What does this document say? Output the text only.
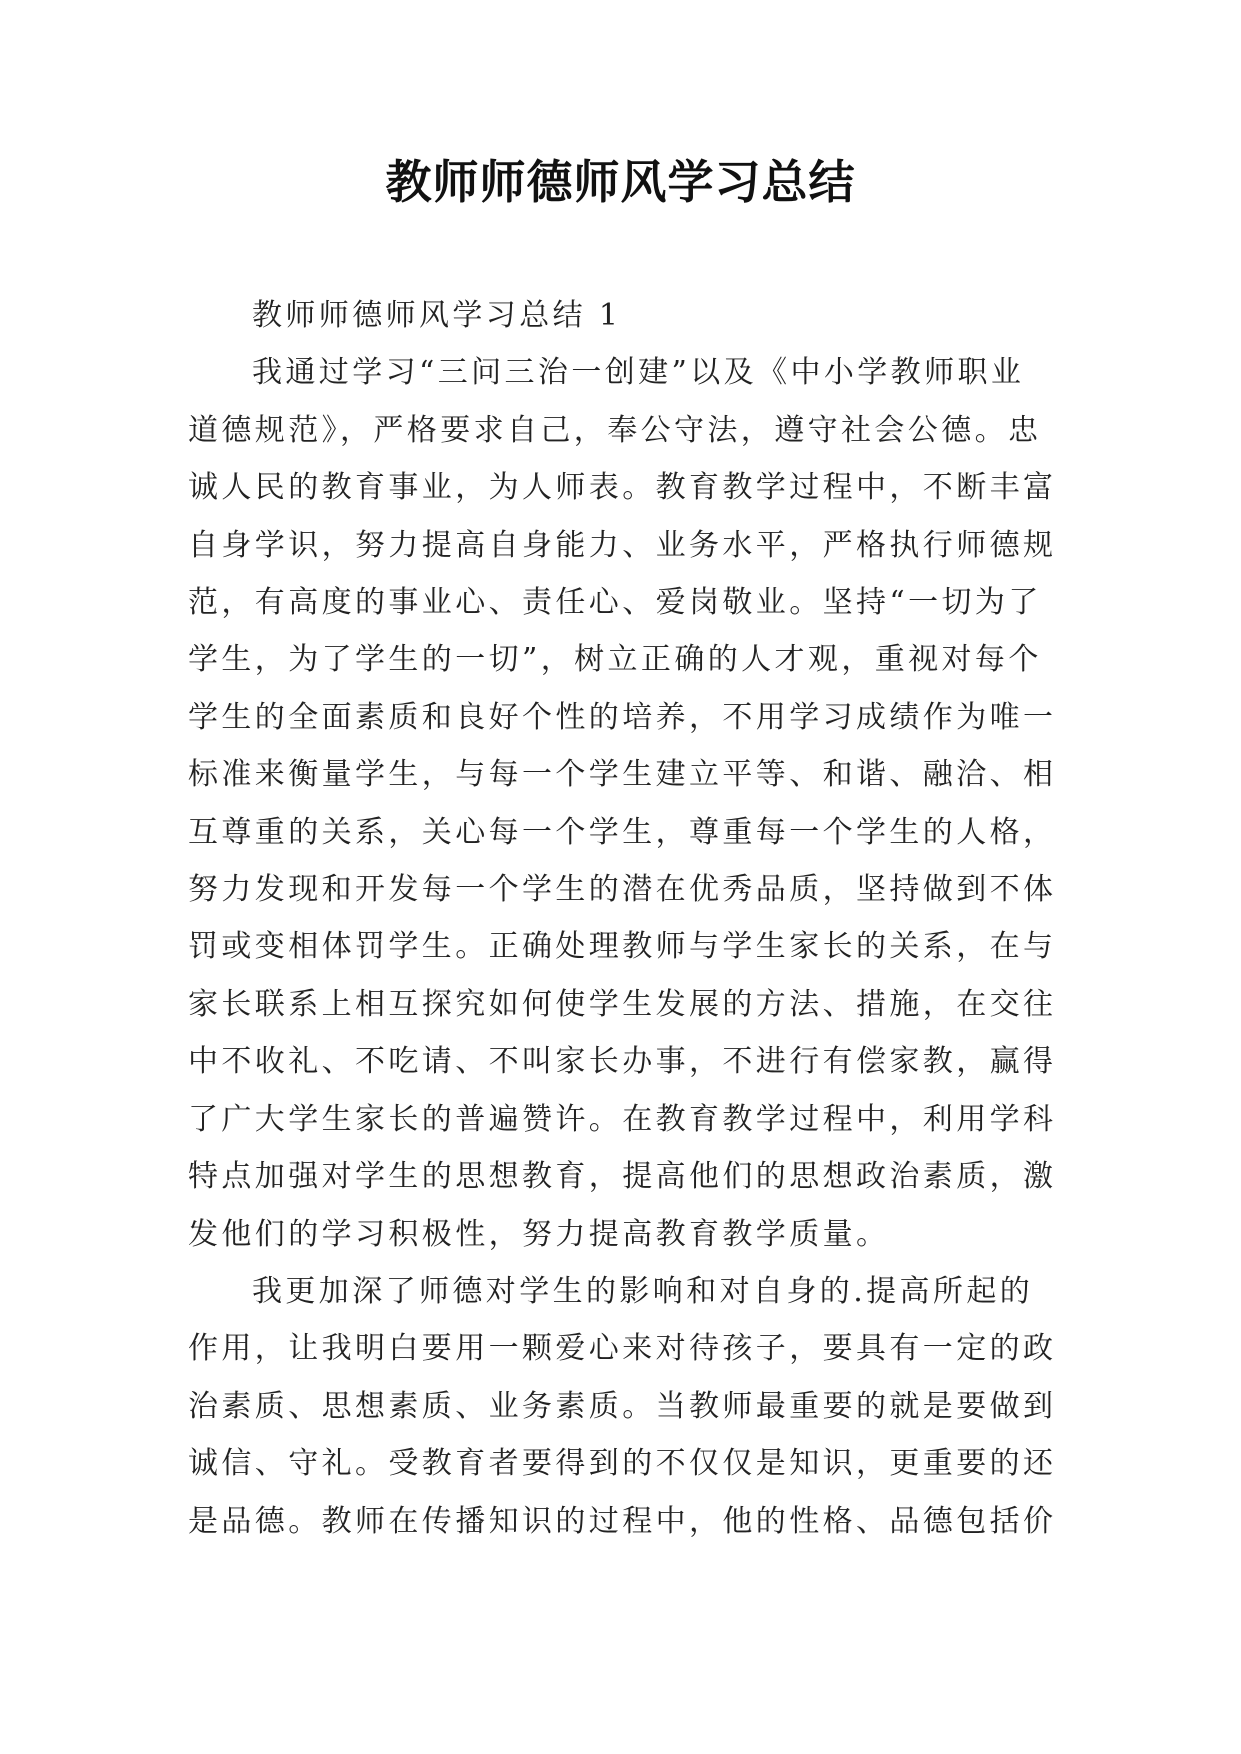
教师师德师风学习总结

教师师德师风学习总结 1

我通过学习“三问三治一创建”以及《中小学教师职业
道德规范》，严格要求自己，奉公守法，遵守社会公德。忠
诚人民的教育事业，为人师表。教育教学过程中，不断丰富
自身学识，努力提高自身能力、业务水平，严格执行师德规
范，有高度的事业心、责任心、爱岗敬业。坚持“一切为了
学生，为了学生的一切”，树立正确的人才观，重视对每个
学生的全面素质和良好个性的培养，不用学习成绩作为唯一
标准来衡量学生，与每一个学生建立平等、和谐、融洽、相
互尊重的关系，关心每一个学生，尊重每一个学生的人格，
努力发现和开发每一个学生的潜在优秀品质，坚持做到不体
罚或变相体罚学生。正确处理教师与学生家长的关系，在与
家长联系上相互探究如何使学生发展的方法、措施，在交往
中不收礼、不吃请、不叫家长办事，不进行有偿家教，赢得
了广大学生家长的普遍赞许。在教育教学过程中，利用学科
特点加强对学生的思想教育，提高他们的思想政治素质，激
发他们的学习积极性，努力提高教育教学质量。

我更加深了师德对学生的影响和对自身的.提高所起的
作用，让我明白要用一颗爱心来对待孩子，要具有一定的政
治素质、思想素质、业务素质。当教师最重要的就是要做到
诚信、守礼。受教育者要得到的不仅仅是知识，更重要的还
是品德。教师在传播知识的过程中，他的性格、品德包括价
